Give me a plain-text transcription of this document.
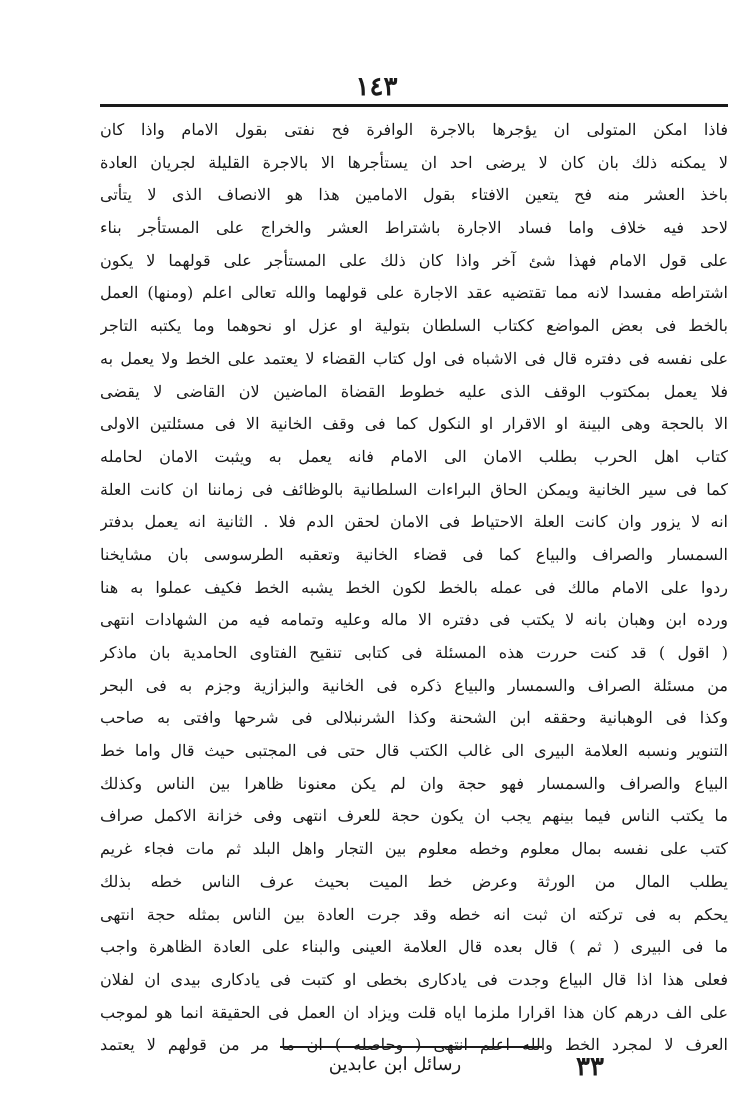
١٤٣
فاذا امكن المتولى ان يؤجرها بالاجرة الوافرة فح نفتى بقول الامام واذا كان
لا يمكنه ذلك بان كان لا يرضى احد ان يستأجرها الا بالاجرة القليلة لجريان العادة
باخذ العشر منه فح يتعين الافتاء بقول الامامين هذا هو الانصاف الذى لا يتأتى
لاحد فيه خلاف واما فساد الاجارة باشتراط العشر والخراج على المستأجر بناء
على قول الامام فهذا شئ آخر واذا كان ذلك على المستأجر على قولهما لا يكون
اشتراطه مفسدا لانه مما تقتضيه عقد الاجارة على قولهما والله تعالى اعلم (ومنها) العمل
بالخط فى بعض المواضع ككتاب السلطان بتولية او عزل او نحوهما وما يكتبه التاجر
على نفسه فى دفتره قال فى الاشباه فى اول كتاب القضاء لا يعتمد على الخط ولا يعمل به
فلا يعمل بمكتوب الوقف الذى عليه خطوط القضاة الماضين لان القاضى لا يقضى
الا بالحجة وهى البينة او الاقرار او النكول كما فى وقف الخانية الا فى مسئلتين الاولى
كتاب اهل الحرب بطلب الامان الى الامام فانه يعمل به ويثبت الامان لحامله
كما فى سير الخانية ويمكن الحاق البراءات السلطانية بالوظائف فى زماننا ان كانت العلة
انه لا يزور وان كانت العلة الاحتياط فى الامان لحقن الدم فلا . الثانية انه يعمل بدفتر
السمسار والصراف والبياع كما فى قضاء الخانية وتعقبه الطرسوسى بان مشايخنا
ردوا على الامام مالك فى عمله بالخط لكون الخط يشبه الخط فكيف عملوا به هنا
ورده ابن وهبان بانه لا يكتب فى دفتره الا ماله وعليه وتمامه فيه من الشهادات انتهى
( اقول ) قد كنت حررت هذه المسئلة فى كتابى تنقيح الفتاوى الحامدية بان ماذكر
من مسئلة الصراف والسمسار والبياع ذكره فى الخانية والبزازية وجزم به فى البحر
وكذا فى الوهبانية وحققه ابن الشحنة وكذا الشرنبلالى فى شرحها وافتى به صاحب
التنوير ونسبه العلامة البيرى الى غالب الكتب قال حتى فى المجتبى حيث قال واما خط
البياع والصراف والسمسار فهو حجة وان لم يكن معنونا ظاهرا بين الناس وكذلك
ما يكتب الناس فيما بينهم يجب ان يكون حجة للعرف انتهى وفى خزانة الاكمل صراف
كتب على نفسه بمال معلوم وخطه معلوم بين التجار واهل البلد ثم مات فجاء غريم
يطلب المال من الورثة وعرض خط الميت بحيث عرف الناس خطه بذلك
يحكم به فى تركته ان ثبت انه خطه وقد جرت العادة بين الناس بمثله حجة انتهى
ما فى البيرى ( ثم ) قال بعده قال العلامة العينى والبناء على العادة الظاهرة واجب
فعلى هذا اذا قال البياع وجدت فى يادكارى بخطى او كتبت فى يادكارى بيدى ان لفلان
على الف درهم كان هذا اقرارا ملزما اياه قلت ويزاد ان العمل فى الحقيقة انما هو لموجب
العرف لا لمجرد الخط والله اعلم انتهى ( وحاصله ) ان ما مر من قولهم لا يعتمد
٣٣
رسائل ابن عابدين
